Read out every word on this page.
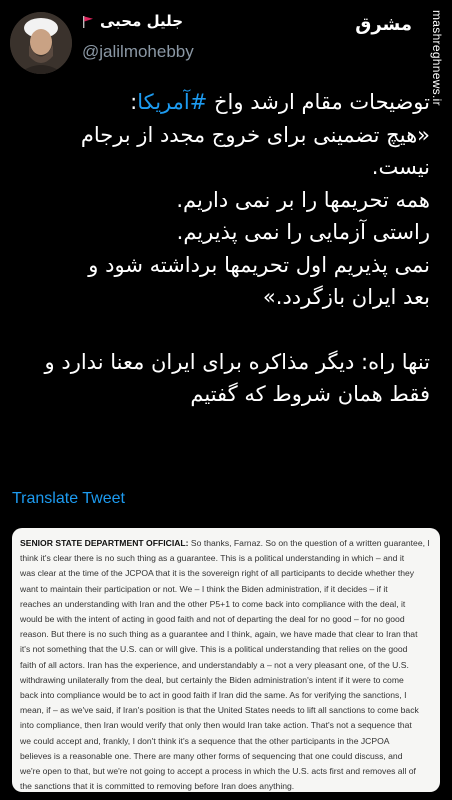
جلیل محبی
@jalilmohebby
مشرق mashreghnews.ir
توضیحات مقام ارشد واخ #آمریکا:
«هیچ تضمینی برای خروج مجدد از برجام
نیست.
همه تحریمها را بر نمی داریم.
راستی آزمایی را نمی پذیریم.
نمی پذیریم اول تحریمها برداشته شود و
بعد ایران بازگردد.»
تنها راه: دیگر مذاکره برای ایران معنا ندارد و
فقط همان شروط که گفتیم
Translate Tweet
SENIOR STATE DEPARTMENT OFFICIAL: So thanks, Farnaz. So on the question of a written guarantee, I
think it's clear there is no such thing as a guarantee. This is a political understanding in which – and it
was clear at the time of the JCPOA that it is the sovereign right of all participants to decide whether they
want to maintain their participation or not. We – I think the Biden administration, if it decides – if it
reaches an understanding with Iran and the other P5+1 to come back into compliance with the deal, it
would be with the intent of acting in good faith and not of departing the deal for no good – for no good
reason. But there is no such thing as a guarantee and I think, again, we have made that clear to Iran that
it's not something that the U.S. can or will give. This is a political understanding that relies on the good
faith of all actors. Iran has the experience, and understandably a – not a very pleasant one, of the U.S.
withdrawing unilaterally from the deal, but certainly the Biden administration's intent if it were to come
back into compliance would be to act in good faith if Iran did the same. As for verifying the sanctions, I
mean, if – as we've said, if Iran's position is that the United States needs to lift all sanctions to come back
into compliance, then Iran would verify that only then would Iran take action. That's not a sequence that
we could accept and, frankly, I don't think it's a sequence that the other participants in the JCPOA
believes is a reasonable one. There are many other forms of sequencing that one could discuss, and
we're open to that, but we're not going to accept a process in which the U.S. acts first and removes all of
the sanctions that it is committed to removing before Iran does anything.
